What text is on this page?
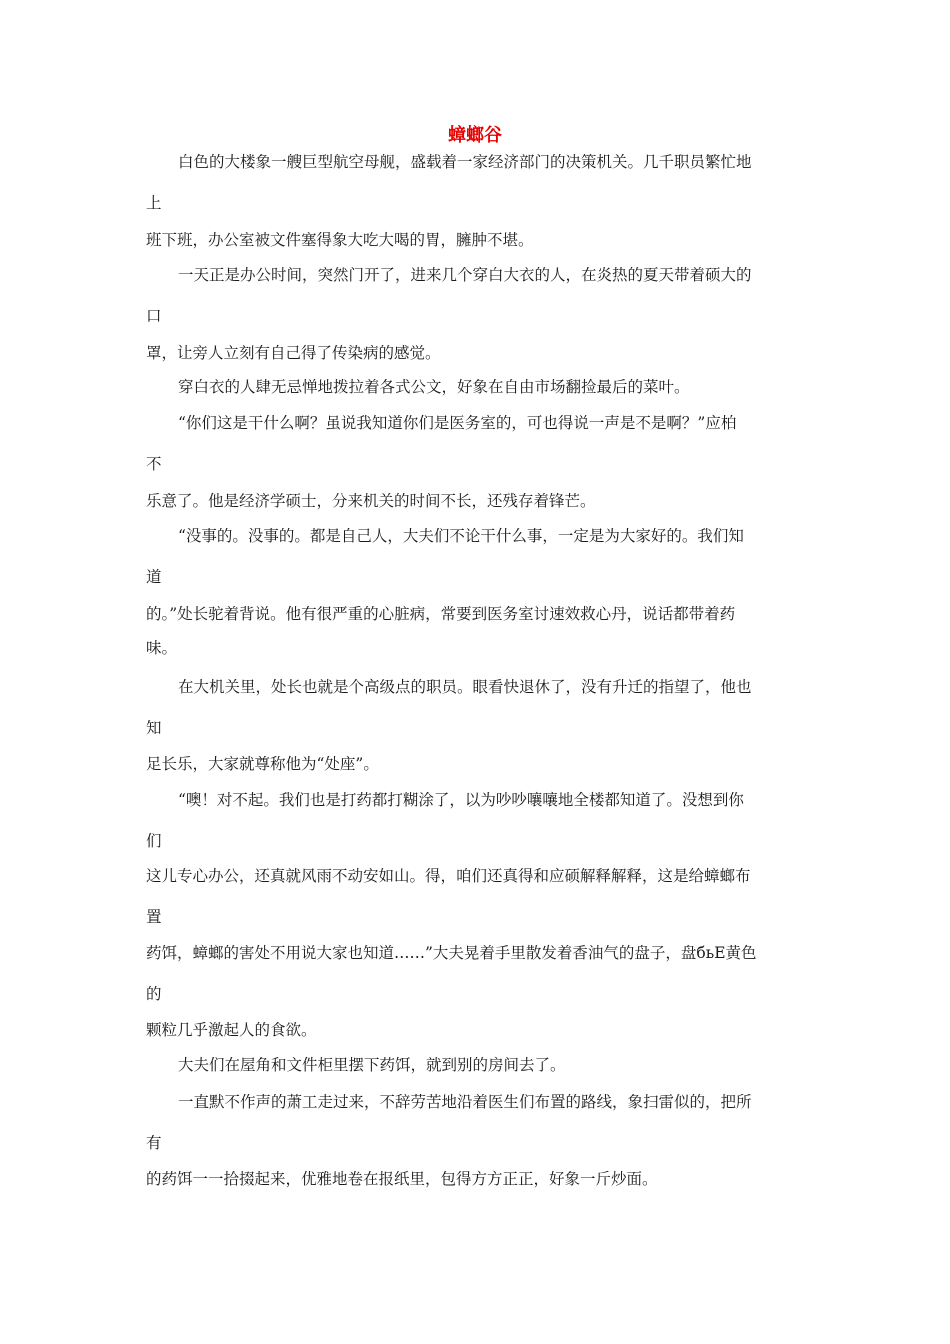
蟑螂谷
白色的大楼象一艘巨型航空母舰，盛载着一家经济部门的决策机关。几千职员繁忙地
上
班下班，办公室被文件塞得象大吃大喝的胃，臃肿不堪。
一天正是办公时间，突然门开了，进来几个穿白大衣的人，在炎热的夏天带着硕大的
口
罩，让旁人立刻有自己得了传染病的感觉。
穿白衣的人肆无忌惮地拨拉着各式公文，好象在自由市场翻捡最后的菜叶。
“你们这是干什么啊？虽说我知道你们是医务室的，可也得说一声是不是啊？”应柏
不
乐意了。他是经济学硕士，分来机关的时间不长，还残存着锋芒。
“没事的。没事的。都是自己人，大夫们不论干什么事，一定是为大家好的。我们知
道
的。”处长驼着背说。他有很严重的心脏病，常要到医务室讨速效救心丹，说话都带着药
味。
在大机关里，处长也就是个高级点的职员。眼看快退休了，没有升迁的指望了，他也
知
足长乐，大家就尊称他为“处座”。
“噢！对不起。我们也是打药都打糊涂了，以为吵吵嚷嚷地全楼都知道了。没想到你
们
这儿专心办公，还真就风雨不动安如山。得，咱们还真得和应硕解释解释，这是给蟑螂布
置
药饵，蟑螂的害处不用说大家也知道……”大夫晃着手里散发着香油气的盘子，盘бьЕ黄色
的
颗粒几乎激起人的食欲。
大夫们在屋角和文件柜里摆下药饵，就到别的房间去了。
一直默不作声的萧工走过来，不辞劳苦地沿着医生们布置的路线，象扫雷似的，把所
有
的药饵一一拾掇起来，优雅地卷在报纸里，包得方方正正，好象一斤炒面。
